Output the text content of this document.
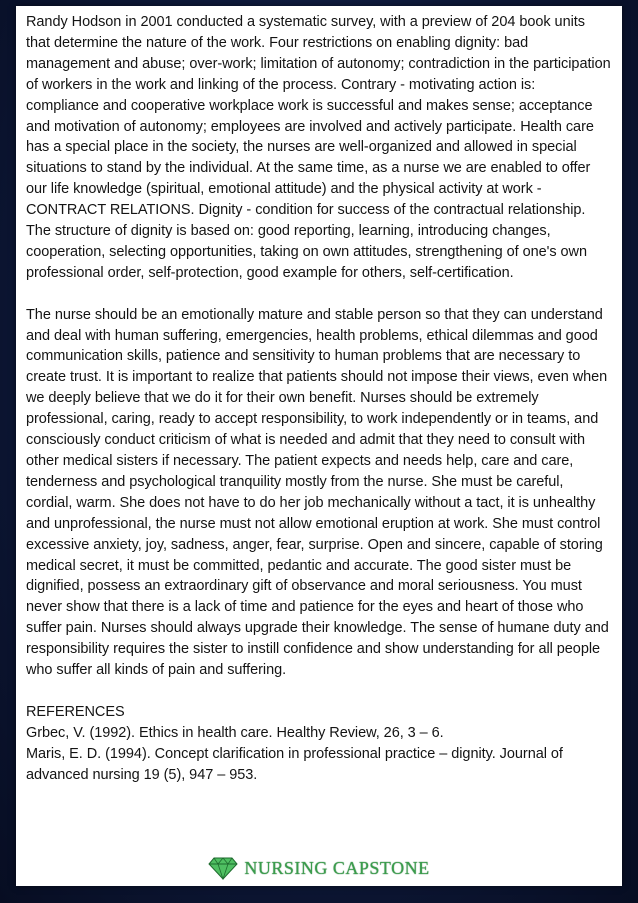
Randy Hodson in 2001 conducted a systematic survey, with a preview of 204 book units that determine the nature of the work. Four restrictions on enabling dignity: bad management and abuse; over-work; limitation of autonomy; contradiction in the participation of workers in the work and linking of the process. Contrary - motivating action is: compliance and cooperative workplace work is successful and makes sense; acceptance and motivation of autonomy; employees are involved and actively participate. Health care has a special place in the society, the nurses are well-organized and allowed in special situations to stand by the individual. At the same time, as a nurse we are enabled to offer our life knowledge (spiritual, emotional attitude) and the physical activity at work - CONTRACT RELATIONS. Dignity - condition for success of the contractual relationship. The structure of dignity is based on: good reporting, learning, introducing changes, cooperation, selecting opportunities, taking on own attitudes, strengthening of one's own professional order, self-protection, good example for others, self-certification.

The nurse should be an emotionally mature and stable person so that they can understand and deal with human suffering, emergencies, health problems, ethical dilemmas and good communication skills, patience and sensitivity to human problems that are necessary to create trust. It is important to realize that patients should not impose their views, even when we deeply believe that we do it for their own benefit. Nurses should be extremely professional, caring, ready to accept responsibility, to work independently or in teams, and consciously conduct criticism of what is needed and admit that they need to consult with other medical sisters if necessary. The patient expects and needs help, care and care, tenderness and psychological tranquility mostly from the nurse. She must be careful, cordial, warm. She does not have to do her job mechanically without a tact, it is unhealthy and unprofessional, the nurse must not allow emotional eruption at work. She must control excessive anxiety, joy, sadness, anger, fear, surprise. Open and sincere, capable of storing medical secret, it must be committed, pedantic and accurate. The good sister must be dignified, possess an extraordinary gift of observance and moral seriousness. You must never show that there is a lack of time and patience for the eyes and heart of those who suffer pain. Nurses should always upgrade their knowledge. The sense of humane duty and responsibility requires the sister to instill confidence and show understanding for all people who suffer all kinds of pain and suffering.

REFERENCES

Grbec, V. (1992). Ethics in health care. Healthy Review, 26, 3 – 6.

Maris, E. D. (1994). Concept clarification in professional practice – dignity. Journal of advanced nursing 19 (5), 947 – 953.

NURSING CAPSTONE
